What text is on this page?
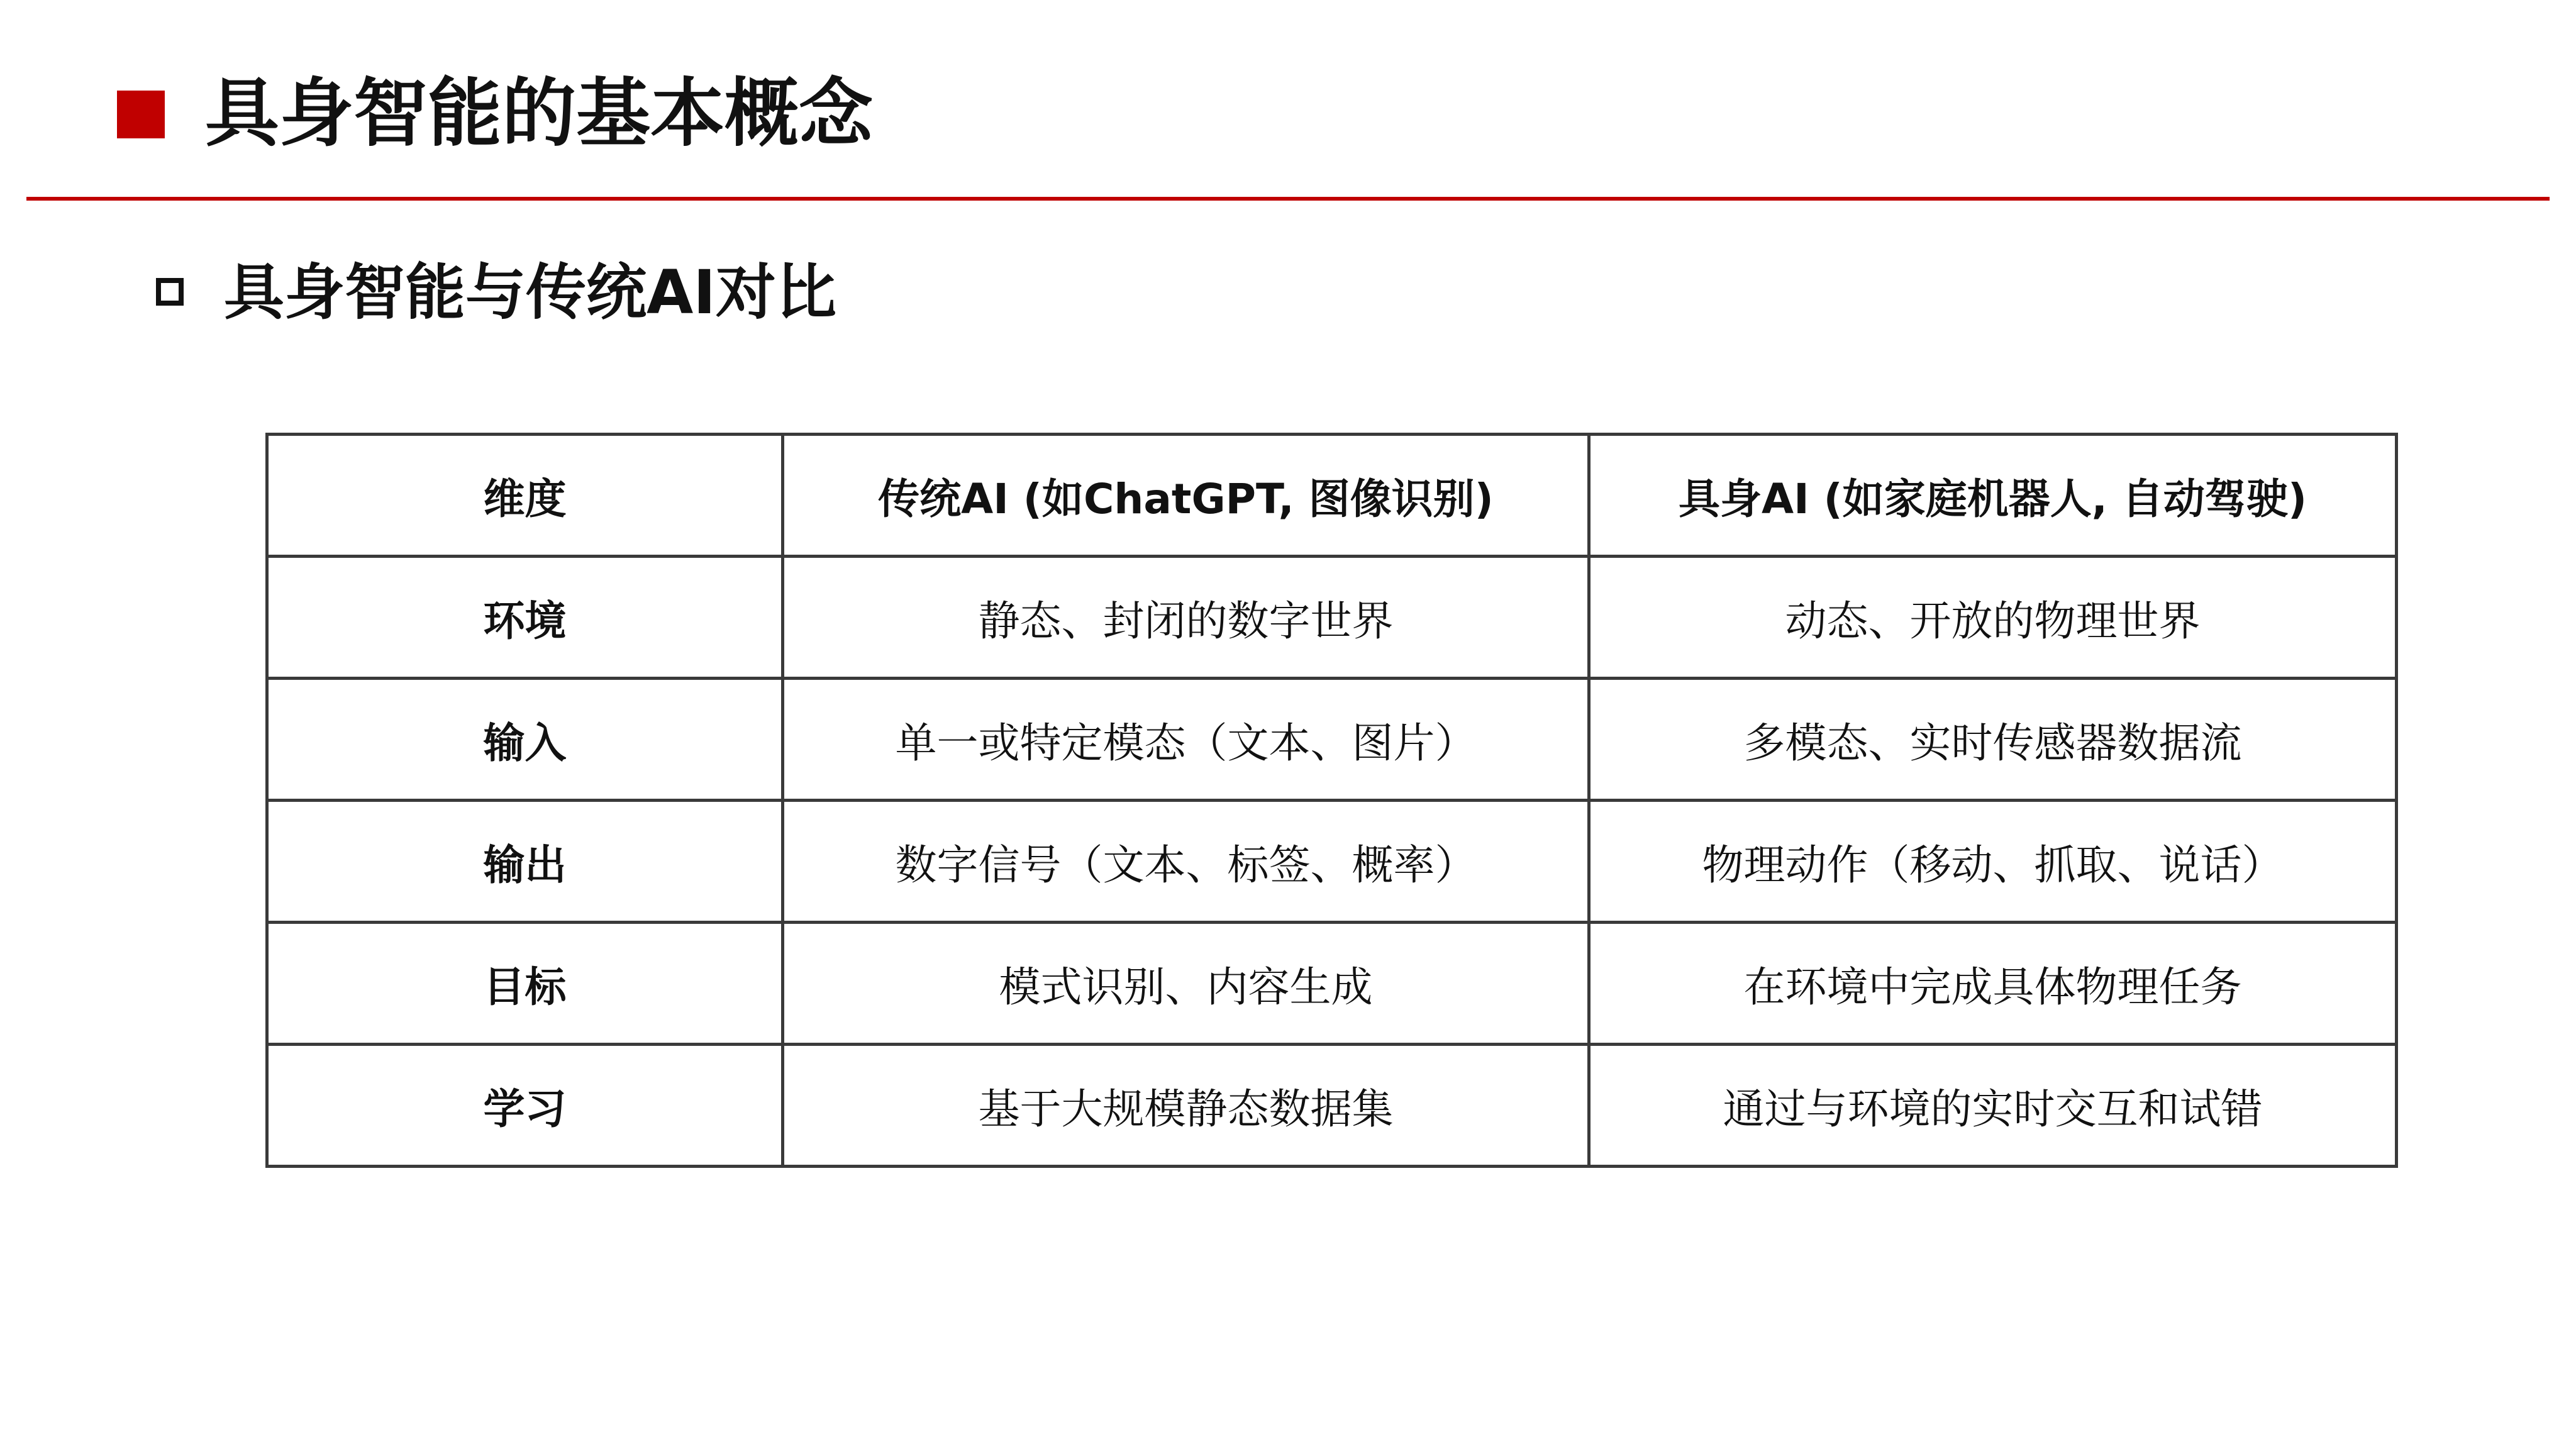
具身智能的基本概念
具身智能与传统AI对比
维度	传统AI (如ChatGPT, 图像识别)	具身AI (如家庭机器人, 自动驾驶)
环境	静态、封闭的数字世界	动态、开放的物理世界
输入	单一或特定模态（文本、图片）	多模态、实时传感器数据流
输出	数字信号（文本、标签、概率）	物理动作（移动、抓取、说话）
目标	模式识别、内容生成	在环境中完成具体物理任务
学习	基于大规模静态数据集	通过与环境的实时交互和试错
